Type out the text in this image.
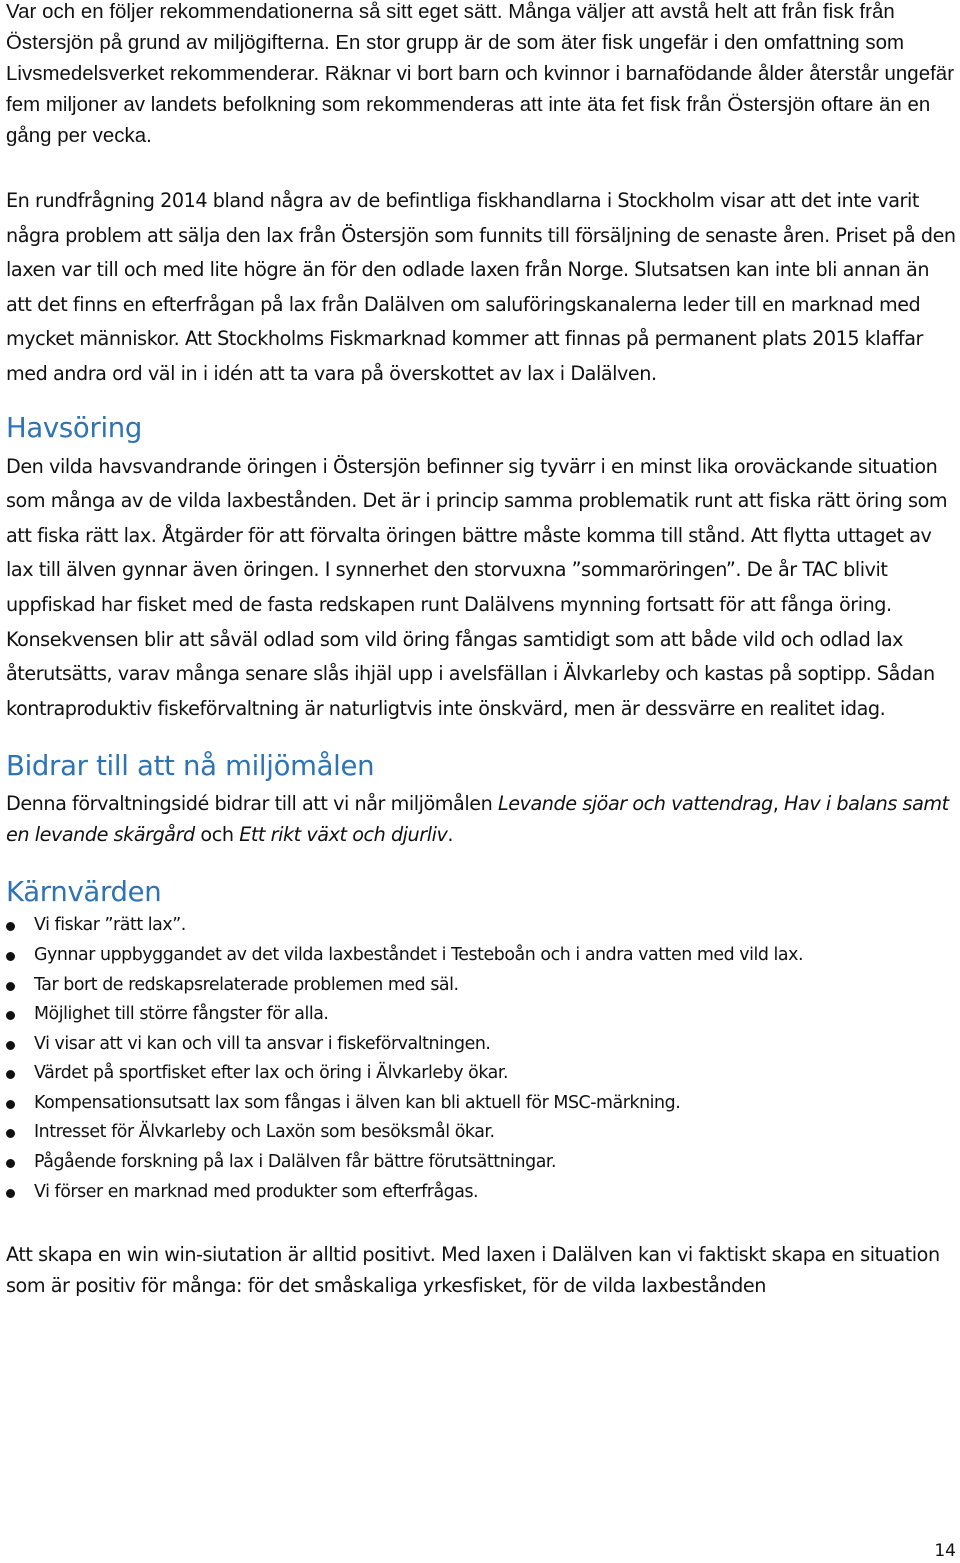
Var och en följer rekommendationerna så sitt eget sätt. Många väljer att avstå helt att från fisk från Östersjön på grund av miljögifterna. En stor grupp är de som äter fisk ungefär i den omfattning som Livsmedelsverket rekommenderar. Räknar vi bort barn och kvinnor i barnafödande ålder återstår ungefär fem miljoner av landets befolkning som rekommenderas att inte äta fet fisk från Östersjön oftare än en gång per vecka.

En rundfrågning 2014 bland några av de befintliga fiskhandlarna i Stockholm visar att det inte varit några problem att sälja den lax från Östersjön som funnits till försäljning de senaste åren. Priset på den laxen var till och med lite högre än för den odlade laxen från Norge. Slutsatsen kan inte bli annan än att det finns en efterfrågan på lax från Dalälven om saluföringskanalerna leder till en marknad med mycket människor. Att Stockholms Fiskmarknad kommer att finnas på permanent plats 2015 klaffar med andra ord väl in i idén att ta vara på överskottet av lax i Dalälven.

Havsöring

Den vilda havsvandrande öringen i Östersjön befinner sig tyvärr i en minst lika oroväckande situation som många av de vilda laxbestånden. Det är i princip samma problematik runt att fiska rätt öring som att fiska rätt lax. Åtgärder för att förvalta öringen bättre måste komma till stånd. Att flytta uttaget av lax till älven gynnar även öringen. I synnerhet den storvuxna ”sommaröringen”. De år TAC blivit uppfiskad har fisket med de fasta redskapen runt Dalälvens mynning fortsatt för att fånga öring. Konsekvensen blir att såväl odlad som vild öring fångas samtidigt som att både vild och odlad lax återutsätts, varav många senare slås ihjäl upp i avelsfällan i Älvkarleby och kastas på soptipp. Sådan kontraproduktiv fiskeförvaltning är naturligtvis inte önskvärd, men är dessvärre en realitet idag.

Bidrar till att nå miljömålen

Denna förvaltningsidé bidrar till att vi når miljömålen Levande sjöar och vattendrag, Hav i balans samt en levande skärgård och Ett rikt växt och djurliv.

Kärnvärden
Vi fiskar ”rätt lax”.
Gynnar uppbyggandet av det vilda laxbeståndet i Testeboån och i andra vatten med vild lax.
Tar bort de redskapsrelaterade problemen med säl.
Möjlighet till större fångster för alla.
Vi visar att vi kan och vill ta ansvar i fiskeförvaltningen.
Värdet på sportfisket efter lax och öring i Älvkarleby ökar.
Kompensationsutsatt lax som fångas i älven kan bli aktuell för MSC-märkning.
Intresset för Älvkarleby och Laxön som besöksmål ökar.
Pågående forskning på lax i Dalälven får bättre förutsättningar.
Vi förser en marknad med produkter som efterfrågas.

Att skapa en win win-siutation är alltid positivt. Med laxen i Dalälven kan vi faktiskt skapa en situation som är positiv för många: för det småskaliga yrkesfisket, för de vilda laxbestånden

14
